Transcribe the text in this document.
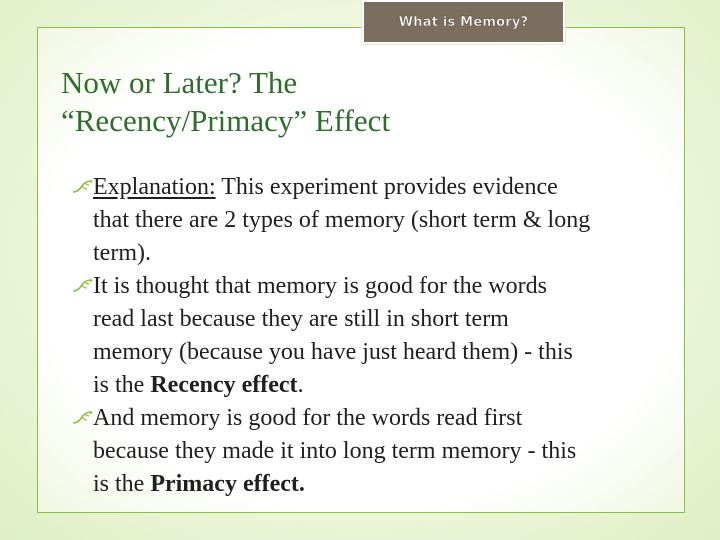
What is Memory?
Now or Later? The
“Recency/Primacy” Effect

Explanation: This experiment provides evidence that there are 2 types of memory (short term & long term).

It is thought that memory is good for the words read last because they are still in short term memory (because you have just heard them) - this is the Recency effect.

And memory is good for the words read first because they made it into long term memory - this is the Primacy effect.
